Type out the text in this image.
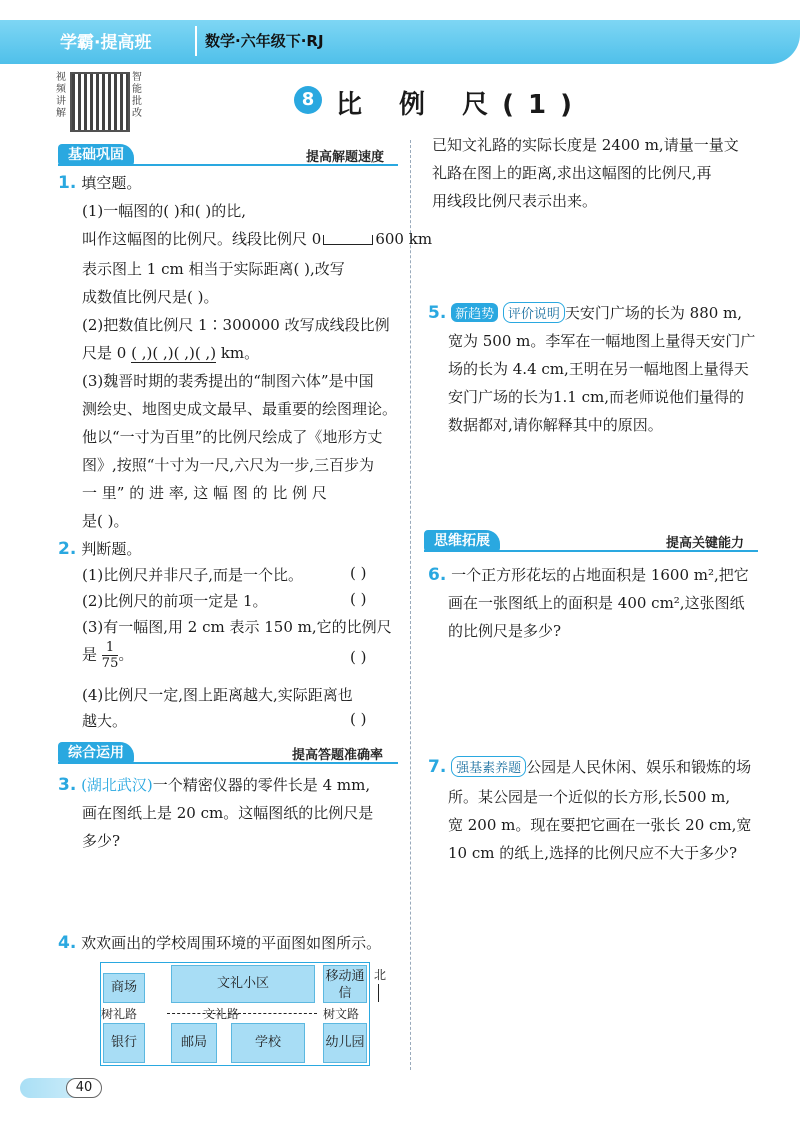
学霸·提高班	数学·六年级下·RJ
视频讲解
智能批改
8 比 例 尺(1)
基础巩固	提高解题速度
1. 填空题。
(1)一幅图的( )和( )的比,
叫作这幅图的比例尺。线段比例尺 0	600 km
表示图上 1 cm 相当于实际距离( ),改写
成数值比例尺是( )。
(2)把数值比例尺 1∶300000 改写成线段比例
尺是 0 ( ,)( ,)( ,)( ,) km。
(3)魏晋时期的裴秀提出的“制图六体”是中国
测绘史、地图史成文最早、最重要的绘图理论。
他以“一寸为百里”的比例尺绘成了《地形方丈
图》,按照“十寸为一尺,六尺为一步,三百步为
一 里” 的 进 率, 这 幅 图 的 比 例 尺
是( )。
2. 判断题。
(1)比例尺并非尺子,而是一个比。	( )
(2)比例尺的前项一定是 1。	( )
(3)有一幅图,用 2 cm 表示 150 m,它的比例尺
是 $\frac{1}{75}$ 。	( )
(4)比例尺一定,图上距离越大,实际距离也
越大。	( )
综合运用	提高答题准确率
3. (湖北武汉)一个精密仪器的零件长是 4 mm,
画在图纸上是 20 cm。这幅图纸的比例尺是
多少?
4. 欢欢画出的学校周围环境的平面图如图所示。
商场	文礼小区	移动通信
树礼路	文礼路	树文路
银行	邮局	学校	幼儿园
北
40
已知文礼路的实际长度是 2400 m,请量一量文
礼路在图上的距离,求出这幅图的比例尺,再
用线段比例尺表示出来。
5. 新趋势 评价说明 天安门广场的长为 880 m,
宽为 500 m。李军在一幅地图上量得天安门广
场的长为 4.4 cm,王明在另一幅地图上量得天
安门广场的长为1.1 cm,而老师说他们量得的
数据都对,请你解释其中的原因。
思维拓展	提高关键能力
6. 一个正方形花坛的占地面积是 1600 m²,把它
画在一张图纸上的面积是 400 cm²,这张图纸
的比例尺是多少?
7. 强基素养题 公园是人民休闲、娱乐和锻炼的场
所。某公园是一个近似的长方形,长500 m,
宽 200 m。现在要把它画在一张长 20 cm,宽
10 cm 的纸上,选择的比例尺应不大于多少?
